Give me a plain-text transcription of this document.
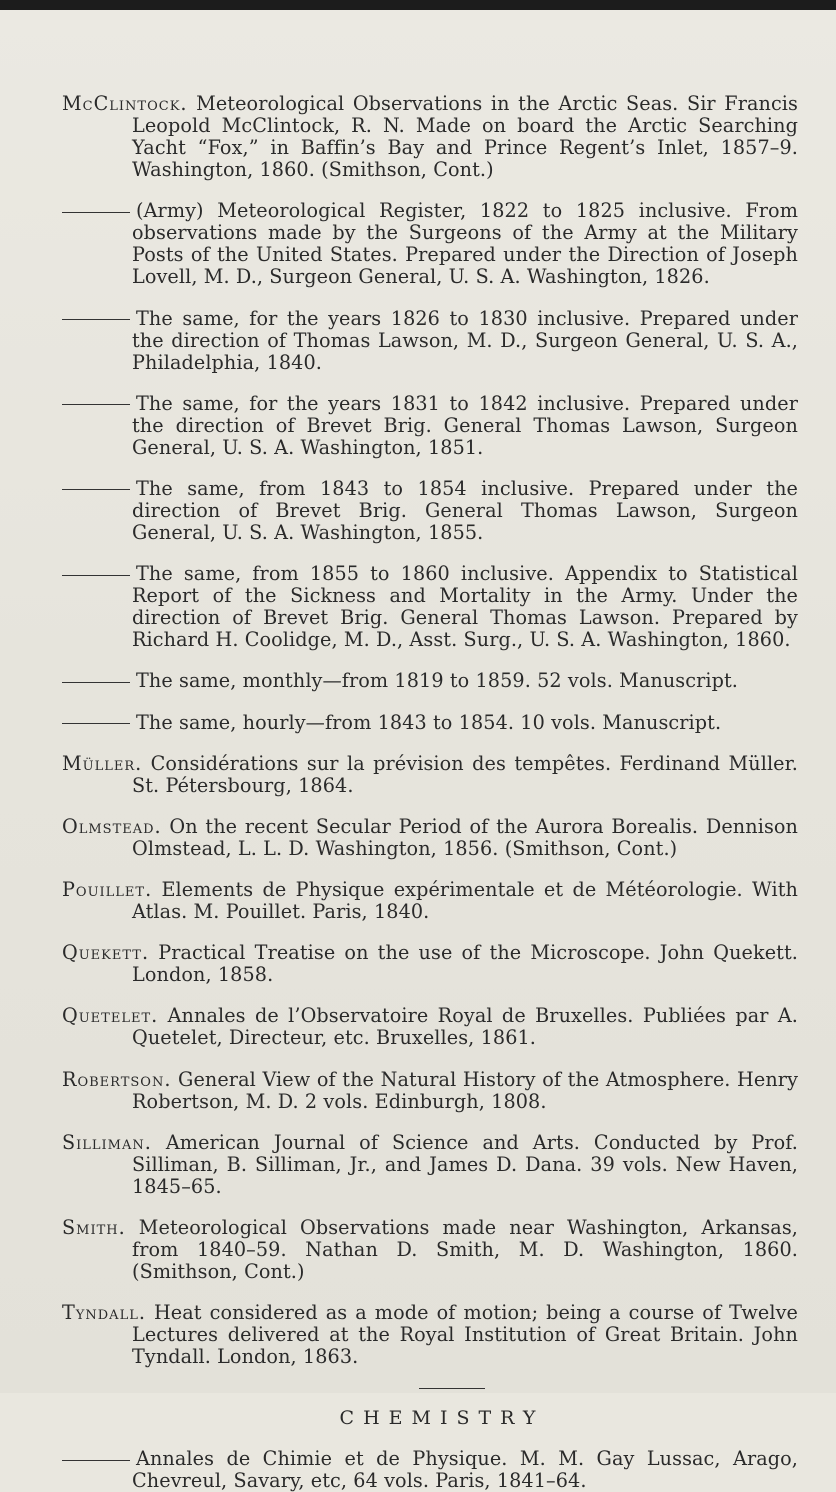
McClintock. Meteorological Observations in the Arctic Seas. Sir Francis Leopold McClintock, R. N. Made on board the Arctic Searching Yacht “Fox,” in Baffin’s Bay and Prince Regent’s Inlet, 1857–9. Washington, 1860. (Smithson, Cont.)

(Army) Meteorological Register, 1822 to 1825 inclusive. From observations made by the Surgeons of the Army at the Military Posts of the United States. Prepared under the Direction of Joseph Lovell, M. D., Surgeon General, U. S. A. Washington, 1826.

The same, for the years 1826 to 1830 inclusive. Prepared under the direction of Thomas Lawson, M. D., Surgeon General, U. S. A., Philadelphia, 1840.

The same, for the years 1831 to 1842 inclusive. Prepared under the direction of Brevet Brig. General Thomas Lawson, Surgeon General, U. S. A. Washington, 1851.

The same, from 1843 to 1854 inclusive. Prepared under the direction of Brevet Brig. General Thomas Lawson, Surgeon General, U. S. A. Washington, 1855.

The same, from 1855 to 1860 inclusive. Appendix to Statistical Report of the Sickness and Mortality in the Army. Under the direction of Brevet Brig. General Thomas Lawson. Prepared by Richard H. Coolidge, M. D., Asst. Surg., U. S. A. Washington, 1860.

The same, monthly—from 1819 to 1859. 52 vols. Manuscript.

The same, hourly—from 1843 to 1854. 10 vols. Manuscript.

Müller. Considérations sur la prévision des tempêtes. Ferdinand Müller. St. Pétersbourg, 1864.

Olmstead. On the recent Secular Period of the Aurora Borealis. Dennison Olmstead, L. L. D. Washington, 1856. (Smithson, Cont.)

Pouillet. Elements de Physique expérimentale et de Météorologie. With Atlas. M. Pouillet. Paris, 1840.

Quekett. Practical Treatise on the use of the Microscope. John Quekett. London, 1858.

Quetelet. Annales de l’Observatoire Royal de Bruxelles. Publiées par A. Quetelet, Directeur, etc. Bruxelles, 1861.

Robertson. General View of the Natural History of the Atmosphere. Henry Robertson, M. D. 2 vols. Edinburgh, 1808.

Silliman. American Journal of Science and Arts. Conducted by Prof. Silliman, B. Silliman, Jr., and James D. Dana. 39 vols. New Haven, 1845–65.

Smith. Meteorological Observations made near Washington, Arkansas, from 1840–59. Nathan D. Smith, M. D. Washington, 1860. (Smithson, Cont.)

Tyndall. Heat considered as a mode of motion; being a course of Twelve Lectures delivered at the Royal Institution of Great Britain. John Tyndall. London, 1863.

CHEMISTRY

Annales de Chimie et de Physique. M. M. Gay Lussac, Arago, Chevreul, Savary, etc, 64 vols. Paris, 1841–64.
